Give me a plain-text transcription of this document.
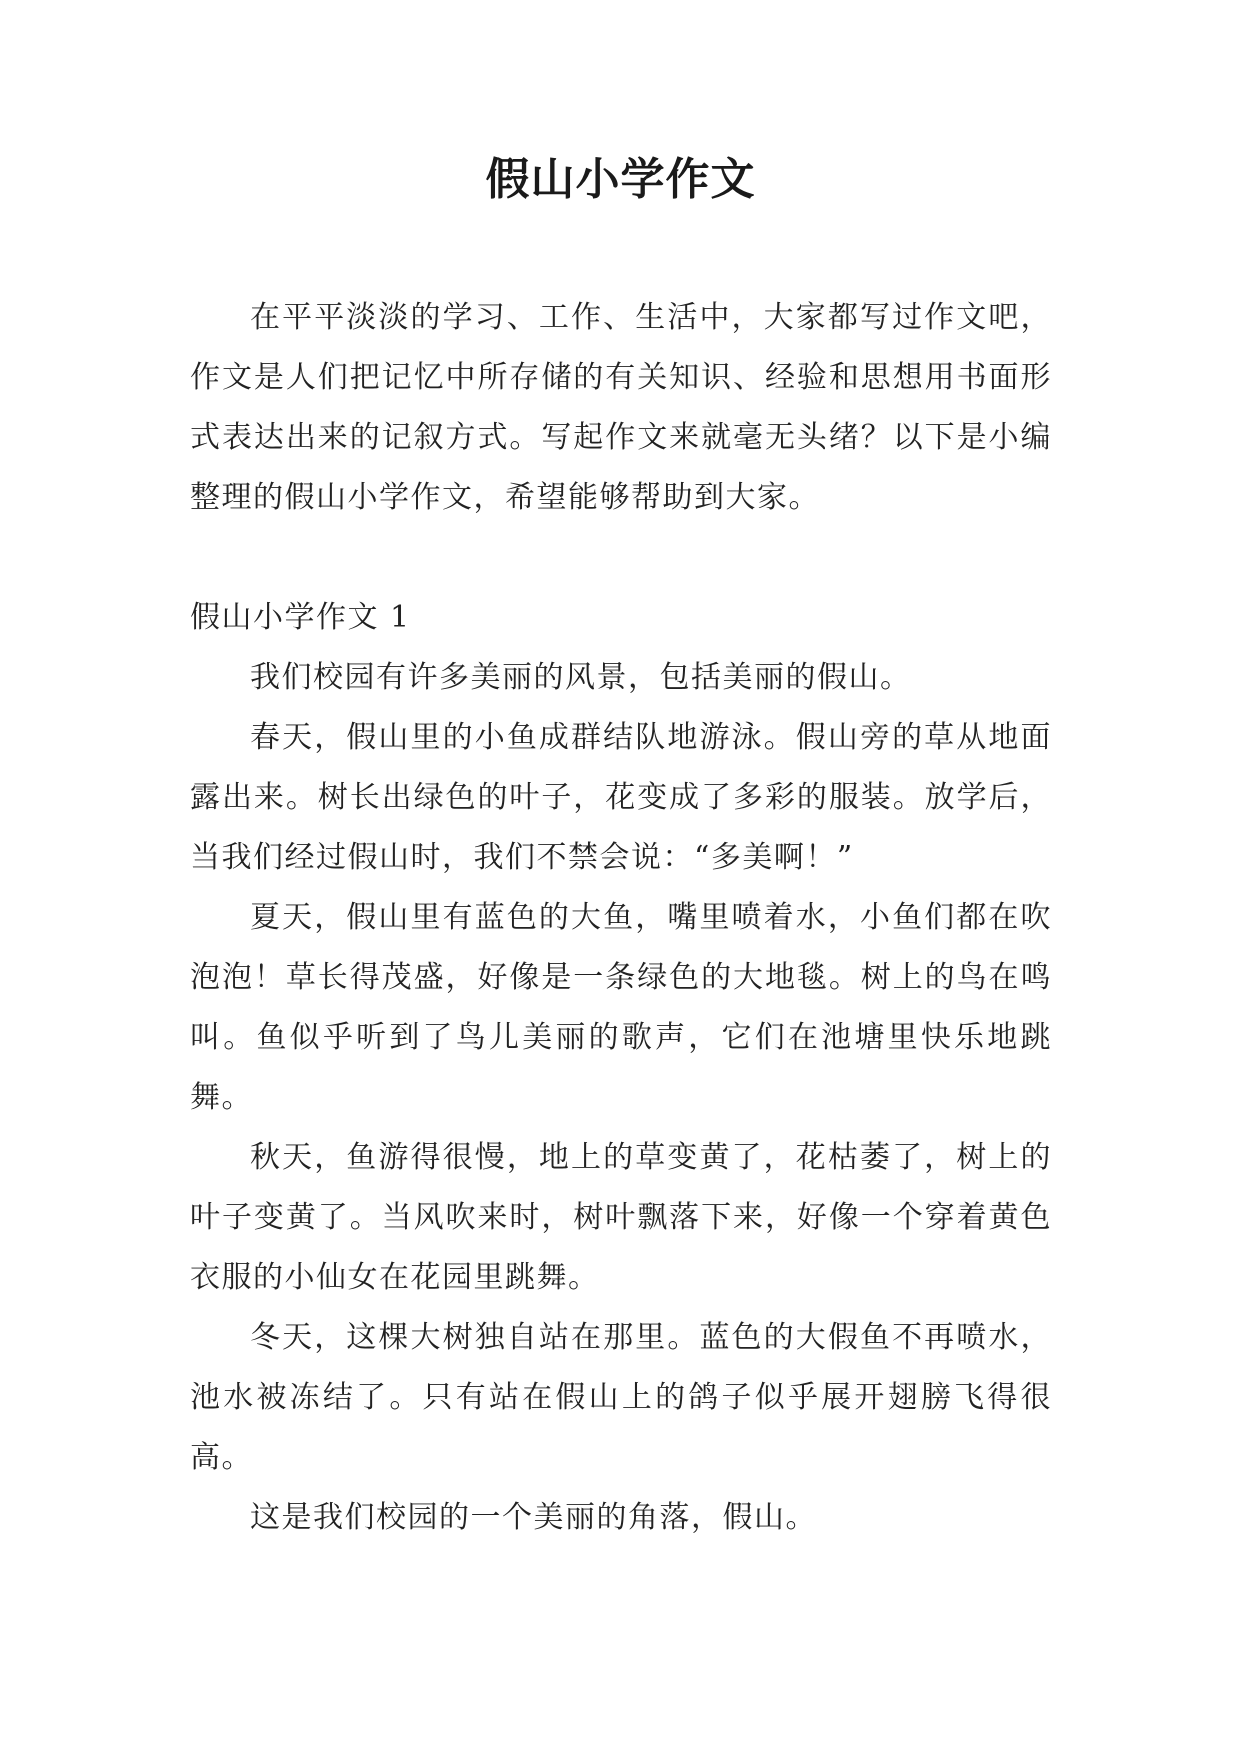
假山小学作文

在平平淡淡的学习、工作、生活中，大家都写过作文吧，作文是人们把记忆中所存储的有关知识、经验和思想用书面形式表达出来的记叙方式。写起作文来就毫无头绪？以下是小编整理的假山小学作文，希望能够帮助到大家。

假山小学作文 1

我们校园有许多美丽的风景，包括美丽的假山。

春天，假山里的小鱼成群结队地游泳。假山旁的草从地面露出来。树长出绿色的叶子，花变成了多彩的服装。放学后，当我们经过假山时，我们不禁会说：“多美啊！”

夏天，假山里有蓝色的大鱼，嘴里喷着水，小鱼们都在吹泡泡！草长得茂盛，好像是一条绿色的大地毯。树上的鸟在鸣叫。鱼似乎听到了鸟儿美丽的歌声，它们在池塘里快乐地跳舞。

秋天，鱼游得很慢，地上的草变黄了，花枯萎了，树上的叶子变黄了。当风吹来时，树叶飘落下来，好像一个穿着黄色衣服的小仙女在花园里跳舞。

冬天，这棵大树独自站在那里。蓝色的大假鱼不再喷水，池水被冻结了。只有站在假山上的鸽子似乎展开翅膀飞得很高。

这是我们校园的一个美丽的角落，假山。
